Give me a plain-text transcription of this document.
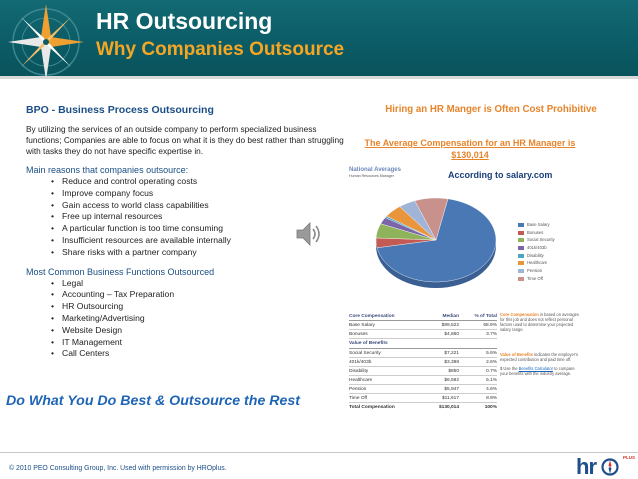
HR Outsourcing
Why Companies Outsource
BPO - Business Process Outsourcing
By utilizing the services of an outside company to perform specialized business functions; Companies are able to focus on what it is they do best rather than struggling with tasks they do not have specific expertise in.
Main reasons that companies outsource:
• Reduce and control operating costs
• Improve company focus
• Gain access to world class capabilities
• Free up internal resources
• A particular function is too time consuming
• Insufficient resources are available internally
• Share risks with a partner company
Most Common Business Functions Outsourced
• Legal
• Accounting – Tax Preparation
• HR Outsourcing
• Marketing/Advertising
• Website Design
• IT Management
• Call Centers
Do What You Do Best & Outsource the Rest
Hiring an HR Manger is Often Cost Prohibitive
The Average Compensation for an HR Manager is
$130,014
According to salary.com
National Averages
Human Resources Manager
Base Salary
Bonuses
Social Security
401k/403b
Disability
Healthcare
Pension
Time Off
Core Compensation	Median	% of Total
Base Salary	$89,522	68.9%
Bonuses	$4,860	3.7%
Value of Benefits
Social Security	$7,221	5.6%
401k/403b	$3,398	2.6%
Disability	$850	0.7%
Healthcare	$6,592	5.1%
Pension	$5,947	4.6%
Time Off	$11,617	8.9%
Total Compensation	$130,014	100%
Core Compensation is based on averages for this job and does not reflect personal factors used to determine your projected salary range.
Value of Benefits indicates the employer's expected contribution and paid time off.
$ Use the Benefits Calculator to compare your benefits with the industry average.
© 2010 PEO Consulting Group, Inc. Used with permission by HROplus.	hr	PLUS
